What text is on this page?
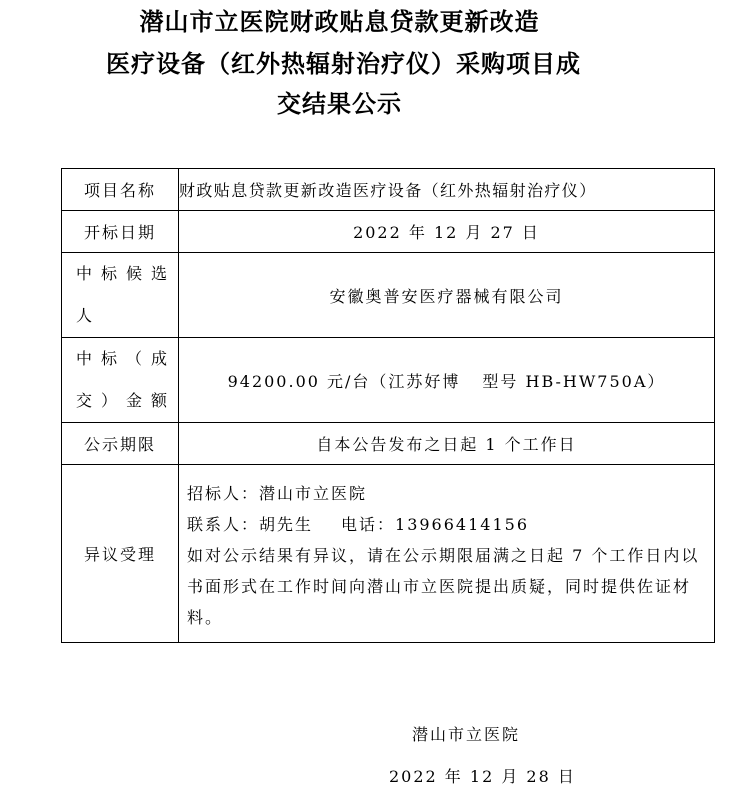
潜山市立医院财政贴息贷款更新改造
医疗设备（红外热辐射治疗仪）采购项目成
交结果公示
项目名称	财政贴息贷款更新改造医疗设备（红外热辐射治疗仪）
开标日期	2022 年 12 月 27 日
中标候选人	安徽奥普安医疗器械有限公司
中标（成交）金额	94200.00 元/台（江苏好博 型号 HB-HW750A）
公示期限	自本公告发布之日起 1 个工作日
异议受理	招标人：潜山市立医院

联系人：胡先生 电话：13966414156

如对公示结果有异议，请在公示期限届满之日起 7 个工作日内以书面形式在工作时间向潜山市立医院提出质疑，同时提供佐证材料。

潜山市立医院
2022 年 12 月 28 日
